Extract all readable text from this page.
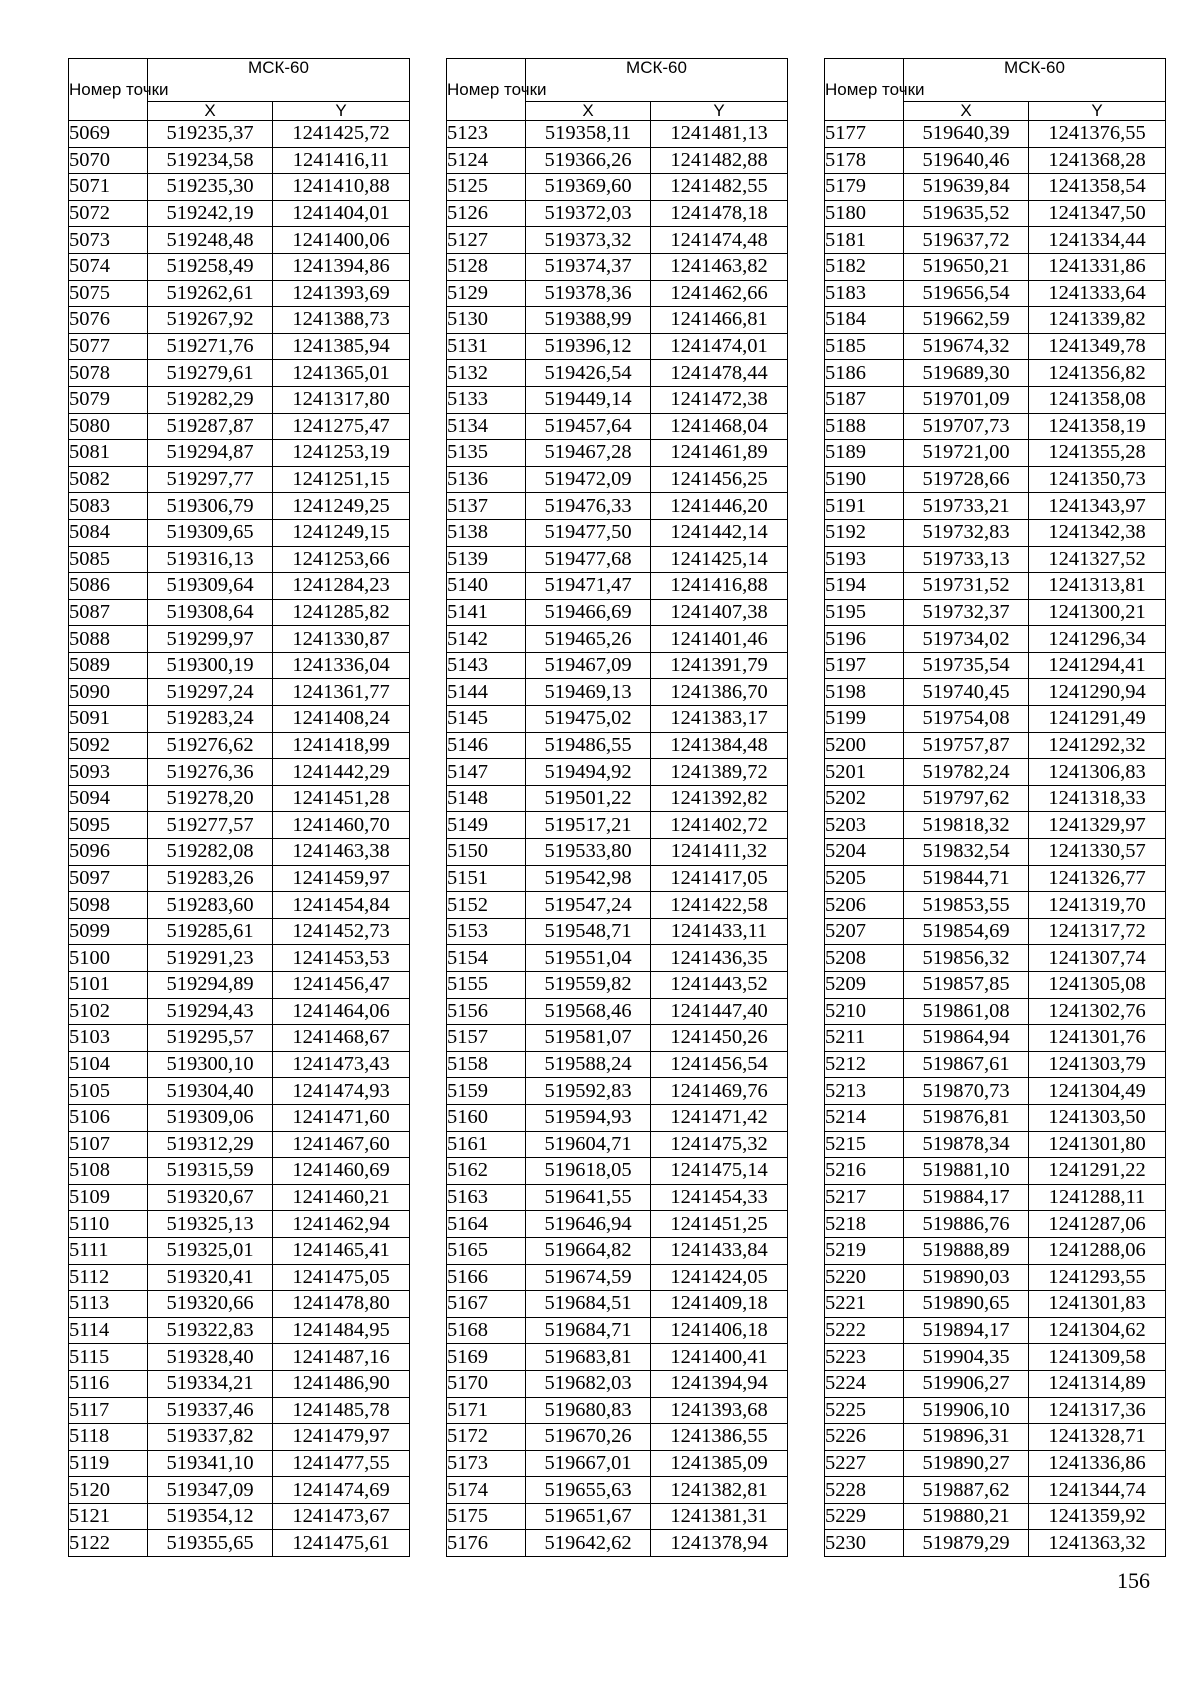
Номер точки	МСК-60	
	X	Y
5069	519235,37	1241425,72
5070	519234,58	1241416,11
5071	519235,30	1241410,88
5072	519242,19	1241404,01
5073	519248,48	1241400,06
5074	519258,49	1241394,86
5075	519262,61	1241393,69
5076	519267,92	1241388,73
5077	519271,76	1241385,94
5078	519279,61	1241365,01
5079	519282,29	1241317,80
5080	519287,87	1241275,47
5081	519294,87	1241253,19
5082	519297,77	1241251,15
5083	519306,79	1241249,25
5084	519309,65	1241249,15
5085	519316,13	1241253,66
5086	519309,64	1241284,23
5087	519308,64	1241285,82
5088	519299,97	1241330,87
5089	519300,19	1241336,04
5090	519297,24	1241361,77
5091	519283,24	1241408,24
5092	519276,62	1241418,99
5093	519276,36	1241442,29
5094	519278,20	1241451,28
5095	519277,57	1241460,70
5096	519282,08	1241463,38
5097	519283,26	1241459,97
5098	519283,60	1241454,84
5099	519285,61	1241452,73
5100	519291,23	1241453,53
5101	519294,89	1241456,47
5102	519294,43	1241464,06
5103	519295,57	1241468,67
5104	519300,10	1241473,43
5105	519304,40	1241474,93
5106	519309,06	1241471,60
5107	519312,29	1241467,60
5108	519315,59	1241460,69
5109	519320,67	1241460,21
5110	519325,13	1241462,94
5111	519325,01	1241465,41
5112	519320,41	1241475,05
5113	519320,66	1241478,80
5114	519322,83	1241484,95
5115	519328,40	1241487,16
5116	519334,21	1241486,90
5117	519337,46	1241485,78
5118	519337,82	1241479,97
5119	519341,10	1241477,55
5120	519347,09	1241474,69
5121	519354,12	1241473,67
5122	519355,65	1241475,61
Номер точки	МСК-60	
	X	Y
5123	519358,11	1241481,13
5124	519366,26	1241482,88
5125	519369,60	1241482,55
5126	519372,03	1241478,18
5127	519373,32	1241474,48
5128	519374,37	1241463,82
5129	519378,36	1241462,66
5130	519388,99	1241466,81
5131	519396,12	1241474,01
5132	519426,54	1241478,44
5133	519449,14	1241472,38
5134	519457,64	1241468,04
5135	519467,28	1241461,89
5136	519472,09	1241456,25
5137	519476,33	1241446,20
5138	519477,50	1241442,14
5139	519477,68	1241425,14
5140	519471,47	1241416,88
5141	519466,69	1241407,38
5142	519465,26	1241401,46
5143	519467,09	1241391,79
5144	519469,13	1241386,70
5145	519475,02	1241383,17
5146	519486,55	1241384,48
5147	519494,92	1241389,72
5148	519501,22	1241392,82
5149	519517,21	1241402,72
5150	519533,80	1241411,32
5151	519542,98	1241417,05
5152	519547,24	1241422,58
5153	519548,71	1241433,11
5154	519551,04	1241436,35
5155	519559,82	1241443,52
5156	519568,46	1241447,40
5157	519581,07	1241450,26
5158	519588,24	1241456,54
5159	519592,83	1241469,76
5160	519594,93	1241471,42
5161	519604,71	1241475,32
5162	519618,05	1241475,14
5163	519641,55	1241454,33
5164	519646,94	1241451,25
5165	519664,82	1241433,84
5166	519674,59	1241424,05
5167	519684,51	1241409,18
5168	519684,71	1241406,18
5169	519683,81	1241400,41
5170	519682,03	1241394,94
5171	519680,83	1241393,68
5172	519670,26	1241386,55
5173	519667,01	1241385,09
5174	519655,63	1241382,81
5175	519651,67	1241381,31
5176	519642,62	1241378,94
Номер точки	МСК-60	
	X	Y
5177	519640,39	1241376,55
5178	519640,46	1241368,28
5179	519639,84	1241358,54
5180	519635,52	1241347,50
5181	519637,72	1241334,44
5182	519650,21	1241331,86
5183	519656,54	1241333,64
5184	519662,59	1241339,82
5185	519674,32	1241349,78
5186	519689,30	1241356,82
5187	519701,09	1241358,08
5188	519707,73	1241358,19
5189	519721,00	1241355,28
5190	519728,66	1241350,73
5191	519733,21	1241343,97
5192	519732,83	1241342,38
5193	519733,13	1241327,52
5194	519731,52	1241313,81
5195	519732,37	1241300,21
5196	519734,02	1241296,34
5197	519735,54	1241294,41
5198	519740,45	1241290,94
5199	519754,08	1241291,49
5200	519757,87	1241292,32
5201	519782,24	1241306,83
5202	519797,62	1241318,33
5203	519818,32	1241329,97
5204	519832,54	1241330,57
5205	519844,71	1241326,77
5206	519853,55	1241319,70
5207	519854,69	1241317,72
5208	519856,32	1241307,74
5209	519857,85	1241305,08
5210	519861,08	1241302,76
5211	519864,94	1241301,76
5212	519867,61	1241303,79
5213	519870,73	1241304,49
5214	519876,81	1241303,50
5215	519878,34	1241301,80
5216	519881,10	1241291,22
5217	519884,17	1241288,11
5218	519886,76	1241287,06
5219	519888,89	1241288,06
5220	519890,03	1241293,55
5221	519890,65	1241301,83
5222	519894,17	1241304,62
5223	519904,35	1241309,58
5224	519906,27	1241314,89
5225	519906,10	1241317,36
5226	519896,31	1241328,71
5227	519890,27	1241336,86
5228	519887,62	1241344,74
5229	519880,21	1241359,92
5230	519879,29	1241363,32
156
